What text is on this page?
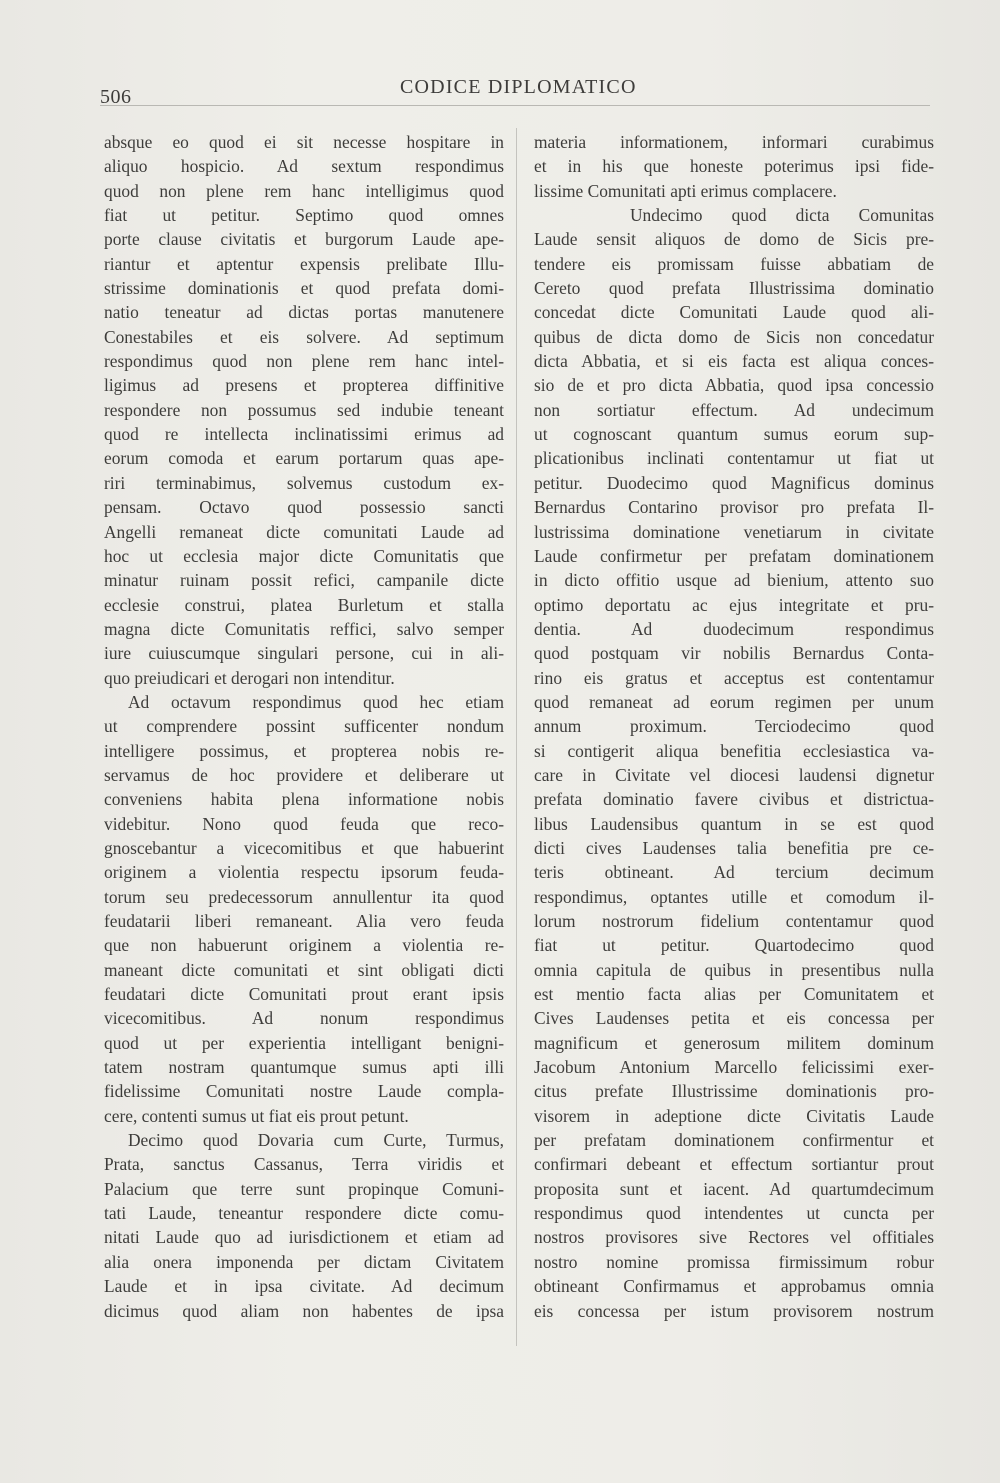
506	CODICE DIPLOMATICO
absque eo quod ei sit necesse hospitare in
aliquo hospicio. Ad sextum respondimus
quod non plene rem hanc intelligimus quod
fiat ut petitur. Septimo quod omnes
porte clause civitatis et burgorum Laude ape-
riantur et aptentur expensis prelibate Illu-
strissime dominationis et quod prefata domi-
natio teneatur ad dictas portas manutenere
Conestabiles et eis solvere. Ad septimum
respondimus quod non plene rem hanc intel-
ligimus ad presens et propterea diffinitive
respondere non possumus sed indubie teneant
quod re intellecta inclinatissimi erimus ad
eorum comoda et earum portarum quas ape-
riri terminabimus, solvemus custodum ex-
pensam. Octavo quod possessio sancti
Angelli remaneat dicte comunitati Laude ad
hoc ut ecclesia major dicte Comunitatis que
minatur ruinam possit refici, campanile dicte
ecclesie construi, platea Burletum et stalla
magna dicte Comunitatis reffici, salvo semper
iure cuiuscumque singulari persone, cui in ali-
quo preiudicari et derogari non intenditur.
Ad octavum respondimus quod hec etiam
ut comprendere possint sufficenter nondum
intelligere possimus, et propterea nobis re-
servamus de hoc providere et deliberare ut
conveniens habita plena informatione nobis
videbitur. Nono quod feuda que reco-
gnoscebantur a vicecomitibus et que habuerint
originem a violentia respectu ipsorum feuda-
torum seu predecessorum annullentur ita quod
feudatarii liberi remaneant. Alia vero feuda
que non habuerunt originem a violentia re-
maneant dicte comunitati et sint obligati dicti
feudatari dicte Comunitati prout erant ipsis
vicecomitibus. Ad nonum respondimus
quod ut per experientia intelligant benigni-
tatem nostram quantumque sumus apti illi
fidelissime Comunitati nostre Laude compla-
cere, contenti sumus ut fiat eis prout petunt.
Decimo quod Dovaria cum Curte, Turmus,
Prata, sanctus Cassanus, Terra viridis et
Palacium que terre sunt propinque Comuni-
tati Laude, teneantur respondere dicte comu-
nitati Laude quo ad iurisdictionem et etiam ad
alia onera imponenda per dictam Civitatem
Laude et in ipsa civitate. Ad decimum
dicimus quod aliam non habentes de ipsa
materia informationem, informari curabimus
et in his que honeste poterimus ipsi fide-
lissime Comunitati apti erimus complacere.
Undecimo quod dicta Comunitas
Laude sensit aliquos de domo de Sicis pre-
tendere eis promissam fuisse abbatiam de
Cereto quod prefata Illustrissima dominatio
concedat dicte Comunitati Laude quod ali-
quibus de dicta domo de Sicis non concedatur
dicta Abbatia, et si eis facta est aliqua conces-
sio de et pro dicta Abbatia, quod ipsa concessio
non sortiatur effectum. Ad undecimum
ut cognoscant quantum sumus eorum sup-
plicationibus inclinati contentamur ut fiat ut
petitur. Duodecimo quod Magnificus dominus
Bernardus Contarino provisor pro prefata Il-
lustrissima dominatione venetiarum in civitate
Laude confirmetur per prefatam dominationem
in dicto offitio usque ad bienium, attento suo
optimo deportatu ac ejus integritate et pru-
dentia. Ad duodecimum respondimus
quod postquam vir nobilis Bernardus Conta-
rino eis gratus et acceptus est contentamur
quod remaneat ad eorum regimen per unum
annum proximum. Terciodecimo quod
si contigerit aliqua benefitia ecclesiastica va-
care in Civitate vel diocesi laudensi dignetur
prefata dominatio favere civibus et districtua-
libus Laudensibus quantum in se est quod
dicti cives Laudenses talia benefitia pre ce-
teris obtineant. Ad tercium decimum
respondimus, optantes utille et comodum il-
lorum nostrorum fidelium contentamur quod
fiat ut petitur. Quartodecimo quod
omnia capitula de quibus in presentibus nulla
est mentio facta alias per Comunitatem et
Cives Laudenses petita et eis concessa per
magnificum et generosum militem dominum
Jacobum Antonium Marcello felicissimi exer-
citus prefate Illustrissime dominationis pro-
visorem in adeptione dicte Civitatis Laude
per prefatam dominationem confirmentur et
confirmari debeant et effectum sortiantur prout
proposita sunt et iacent. Ad quartumdecimum
respondimus quod intendentes ut cuncta per
nostros provisores sive Rectores vel offitiales
nostro nomine promissa firmissimum robur
obtineant Confirmamus et approbamus omnia
eis concessa per istum provisorem nostrum
